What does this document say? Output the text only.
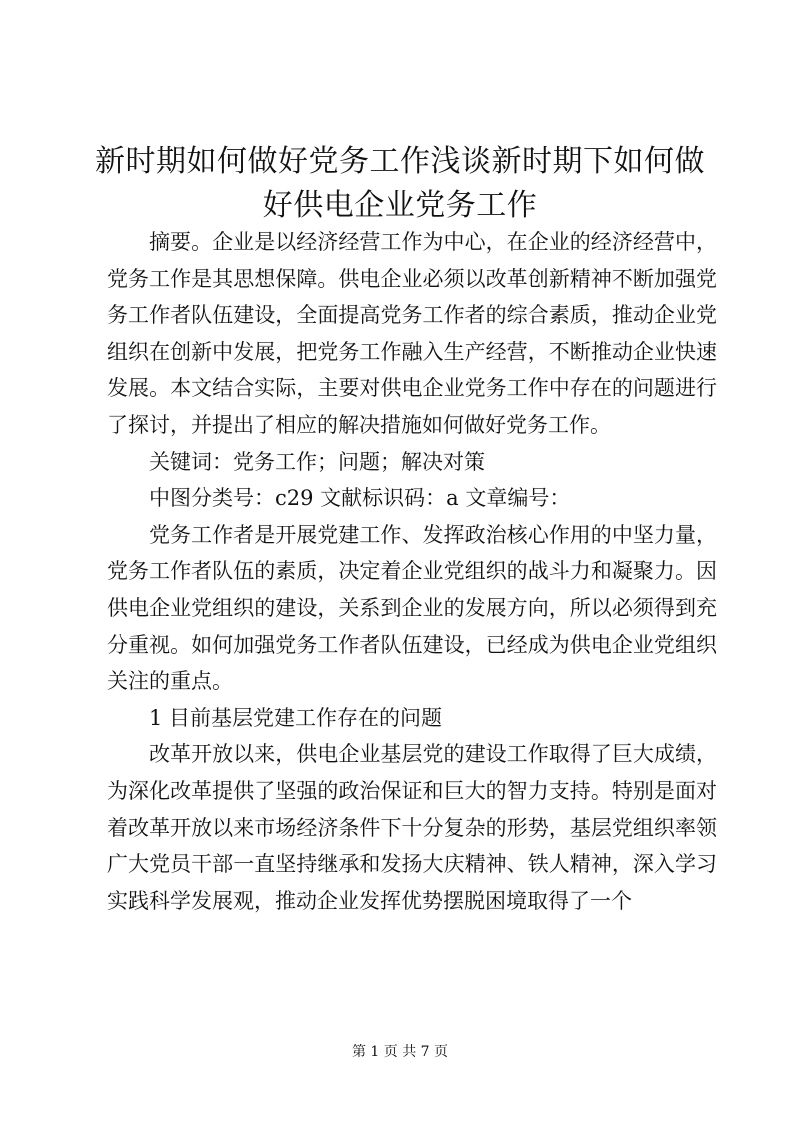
新时期如何做好党务工作浅谈新时期下如何做
好供电企业党务工作

摘要。企业是以经济经营工作为中心，在企业的经济经营中，党务工作是其思想保障。供电企业必须以改革创新精神不断加强党务工作者队伍建设，全面提高党务工作者的综合素质，推动企业党组织在创新中发展，把党务工作融入生产经营，不断推动企业快速发展。本文结合实际，主要对供电企业党务工作中存在的问题进行了探讨，并提出了相应的解决措施如何做好党务工作。

关键词：党务工作；问题；解决对策

中图分类号：c29 文献标识码：a 文章编号：

党务工作者是开展党建工作、发挥政治核心作用的中坚力量，党务工作者队伍的素质，决定着企业党组织的战斗力和凝聚力。因供电企业党组织的建设，关系到企业的发展方向，所以必须得到充分重视。如何加强党务工作者队伍建设，已经成为供电企业党组织关注的重点。

1 目前基层党建工作存在的问题

改革开放以来，供电企业基层党的建设工作取得了巨大成绩，为深化改革提供了坚强的政治保证和巨大的智力支持。特别是面对着改革开放以来市场经济条件下十分复杂的形势，基层党组织率领广大党员干部一直坚持继承和发扬大庆精神、铁人精神，深入学习实践科学发展观，推动企业发挥优势摆脱困境取得了一个

第 1 页 共 7 页
